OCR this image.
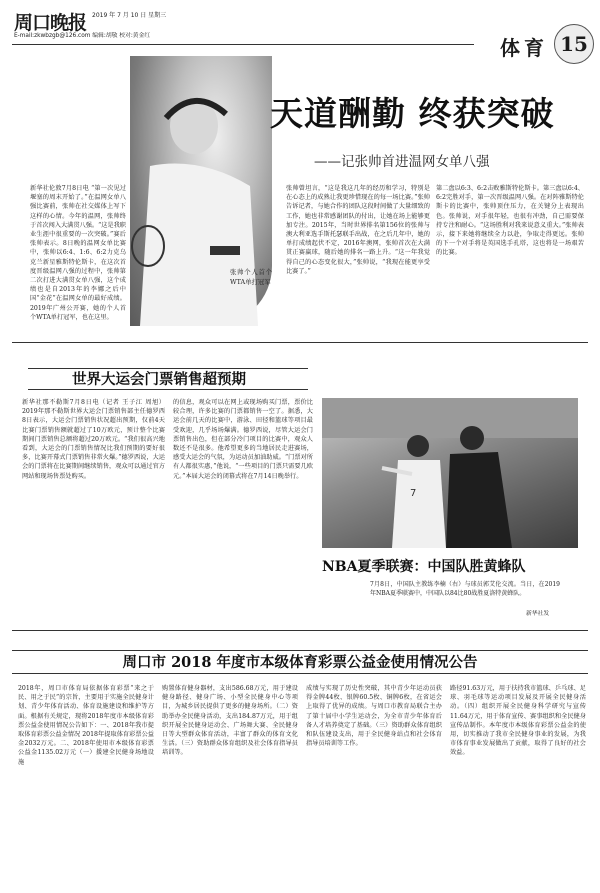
周口晚报 2019 年 7 月 10 日 星期三
E-mail:zkwbzgb@126.com 编辑:胡敬 校对:黄金红	体育 15
张帅个人首个WTA单打冠军
天道酬勤 终获突破
——记张帅首进温网女单八强
新华社伦敦7月8日电 “第一次见过堰塞的周末开始了。”在温网女单八强比赛前，张帅在社交媒体上写下这样的心情。今年的温网，张帅终于首次闯入大满贯八强。“这是我职业生涯中很重要的一次突破。”赛后张帅表示。8日晚的温网女单比赛中，张帅以6:4、1:6、6:2力克乌克兰新星雅斯特伦斯卡，在这次首度晋级温网八强的过程中，张帅第二次打进大满贯女单八强，这个成绩也是自2013年的李娜之后中国“金花”在温网女单的最好成绩。2019年广州公开赛，她的个人首个WTA单打冠军，也在这里。
张帅曾坦言，“这是我这几年的经历和学习，特别是在心态上的成熟让我更珍惜现在的每一场比赛。”张帅告诉记者，与她合作的团队这段时间做了大量细致的工作，她也非常感谢团队的付出，让她在场上能够更加专注。2015年，当时世界排名第156位的张帅与澳大利亚选手斯托瑟联手出战，在之后几年中，她的单打成绩起伏不定，2016年澳网，张帅首次在大满贯正赛赢球，随后她的排名一路上升。“这一年我觉得自己的心态变化很大，”张帅说，“我现在能更享受比赛了。”
第二盘以6:3、6:2击败雅斯特伦斯卡。第三盘以6:4、6:2完胜对手，第一次晋级温网八强。在对阵雅斯特伦斯卡的比赛中，张帅顶住压力，在关键分上表现出色。张帅说，对手很年轻，也很有冲劲，自己需要保持专注和耐心。“这场胜利对我来说意义重大。”张帅表示，接下来她将继续全力以赴，争取走得更远。张帅的下一个对手将是英国选手孔塔，这也将是一场艰苦的比赛。
世界大运会门票销售超预期
新华社那不勒斯7月8日电（记者 王子江 周旭）2019年那不勒斯世界大运会门票销售部主任德罗西8日表示，大运会门票销售状况超出预期，仅前4天比赛门票销售额就超过了10万欧元，预计整个比赛期间门票销售总额将超过20万欧元。“我们很高兴地看到，大运会的门票销售情况比我们预期的要好很多，比赛开幕式门票销售非常火爆。”德罗西说，大运会的门票将在比赛期间继续销售，观众可以通过官方网站和现场售票处购买。
的信息，观众可以在网上或现场购买门票，票价比较合理，许多比赛的门票都销售一空了。据悉，大运会前几天的比赛中，游泳、田径和篮球等项目最受欢迎，几乎场场爆满。德罗西说，尽管大运会门票销售出色，但在部分冷门项目的比赛中，观众人数还不是很多。他希望更多的当地居民走进赛场，感受大运会的气氛，为运动员加油助威。“门票对所有人都很实惠，”他说，“一些项目的门票只需要几欧元。”本届大运会的闭幕式将在7月14日晚举行。
7
新华社发
NBA夏季联赛：中国队胜黄蜂队
7月8日，中国队主教练李楠（右）与球员郭艾伦交流。当日，在2019年NBA夏季联赛中，中国队以84比80战胜夏洛特黄蜂队。
周口市 2018 年度市本级体育彩票公益金使用情况公告
2018年，周口市体育局依据体育彩票“来之于民、用之于民”的宗旨，主要用于实施全民健身计划、青少年体育活动、体育设施建设和维护等方面。根据有关规定，现将2018年度市本级体育彩票公益金使用情况公告如下：一、2018年我市提取体育彩票公益金情况 2018年提取体育彩票公益金2032万元。二、2018年使用市本级体育彩票公益金1135.02万元（一）援建全民健身场地设施
购置体育健身器材，支出586.68万元，用于建设健身路径、健身广场、小型全民健身中心等项目，为城乡居民提供了更多的健身场所。（二）资助举办全民健身活动，支出184.87万元，用于组织开展全民健身运动会、广场舞大赛、全民健身日等大型群众体育活动，丰富了群众的体育文化生活。（三）资助群众体育组织及社会体育指导员培训等。
成绩与实现了历史性突破，其中青少年运动员获得金牌44枚、银牌60.5枚、铜牌6枚，在省运会上取得了优异的成绩。与周口市教育局联合主办了第十届中小学生运动会，为全市青少年体育后备人才培养奠定了基础。（三）资助群众体育组织和队伍建设支出，用于全民健身站点和社会体育指导员培训等工作。
路径91.63万元，用于扶持我市篮球、乒乓球、足球、羽毛球等运动项目发展及开展全民健身活动。（四）组织开展全民健身科学研究与宣传11.64万元，用于体育宣传、赛事组织和全民健身宣传品制作。本年度市本级体育彩票公益金的使用，切实推动了我市全民健身事业的发展，为我市体育事业发展做出了贡献，取得了良好的社会效益。
